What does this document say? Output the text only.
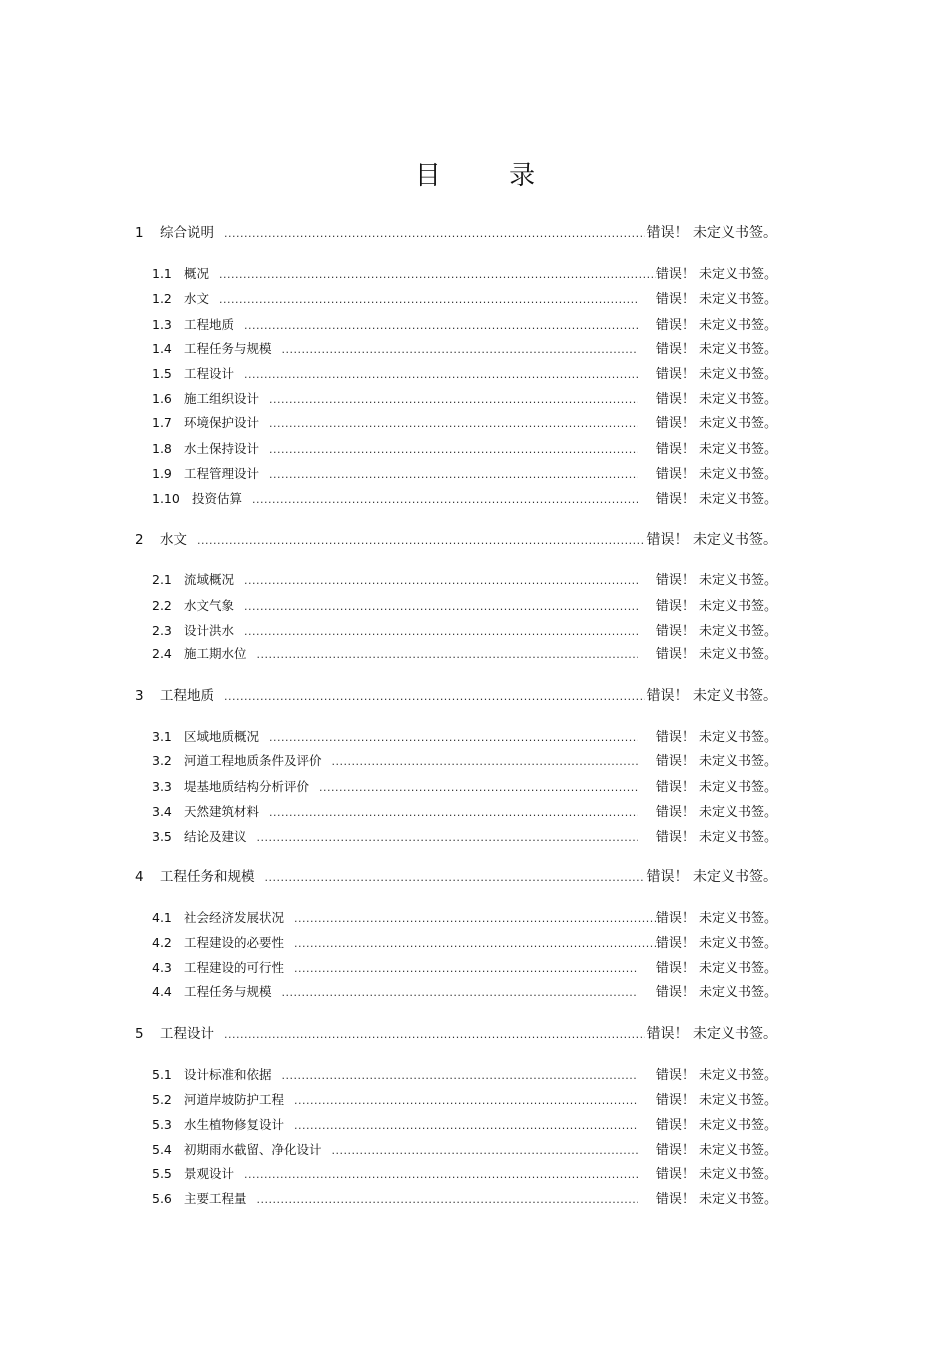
目 录
1	综合说明 .....	错误！ 未定义书签。
1.1 概况 .....	错误！ 未定义书签。
1.2 水文 .....	错误！ 未定义书签。
1.3 工程地质 .....	错误！ 未定义书签。
1.4 工程任务与规模 .....	错误！ 未定义书签。
1.5 工程设计 .....	错误！ 未定义书签。
1.6 施工组织设计 .....	错误！ 未定义书签。
1.7 环境保护设计 .....	错误！ 未定义书签。
1.8 水土保持设计 .....	错误！ 未定义书签。
1.9 工程管理设计 .....	错误！ 未定义书签。
1.10 投资估算 .....	错误！ 未定义书签。
2	水文 .....	错误！ 未定义书签。
2.1 流域概况 .....	错误！ 未定义书签。
2.2 水文气象 .....	错误！ 未定义书签。
2.3 设计洪水 .....	错误！ 未定义书签。
2.4 施工期水位 .....	错误！ 未定义书签。
3	工程地质 .....	错误！ 未定义书签。
3.1 区域地质概况 .....	错误！ 未定义书签。
3.2 河道工程地质条件及评价 .....	错误！ 未定义书签。
3.3 堤基地质结构分析评价 .....	错误！ 未定义书签。
3.4 天然建筑材料 .....	错误！ 未定义书签。
3.5 结论及建议 .....	错误！ 未定义书签。
4	工程任务和规模 .....	错误！ 未定义书签。
4.1 社会经济发展状况 .....	错误！ 未定义书签。
4.2 工程建设的必要性 .....	错误！ 未定义书签。
4.3 工程建设的可行性 .....	错误！ 未定义书签。
4.4 工程任务与规模 .....	错误！ 未定义书签。
5	工程设计 .....	错误！ 未定义书签。
5.1 设计标准和依据 .....	错误！ 未定义书签。
5.2 河道岸坡防护工程 .....	错误！ 未定义书签。
5.3 水生植物修复设计 .....	错误！ 未定义书签。
5.4 初期雨水截留、净化设计 .....	错误！ 未定义书签。
5.5 景观设计 .....	错误！ 未定义书签。
5.6 主要工程量 .....	错误！ 未定义书签。
